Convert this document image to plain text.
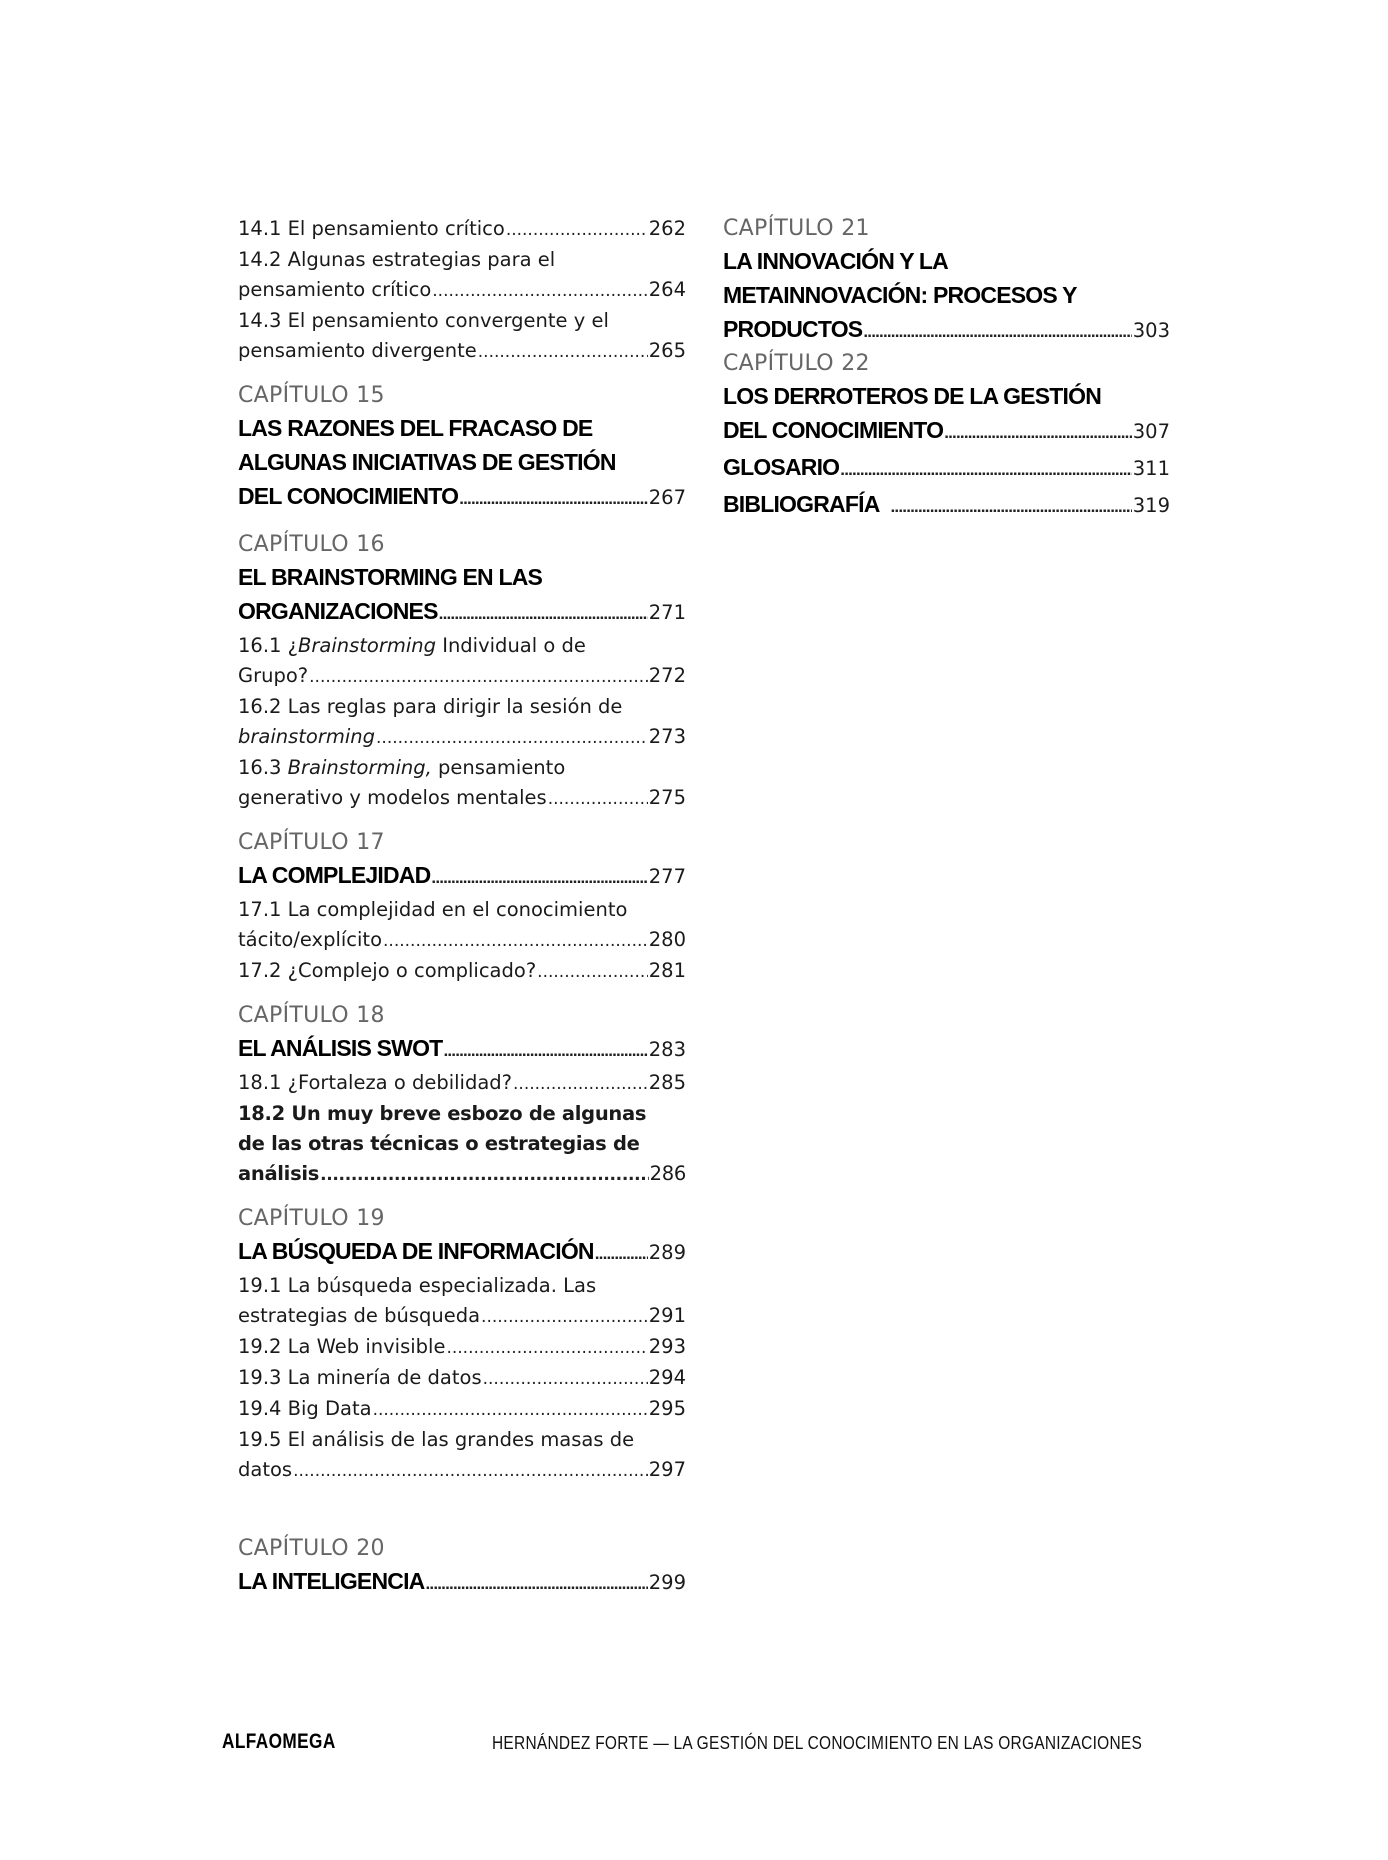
14.1 El pensamiento crítico .....	262
14.2 Algunas estrategias para el
pensamiento crítico .....	264
14.3 El pensamiento convergente y el
pensamiento divergente .....	265
CAPÍTULO 15
LAS RAZONES DEL FRACASO DE
ALGUNAS INICIATIVAS DE GESTIÓN
DEL CONOCIMIENTO .....	267
CAPÍTULO 16
EL BRAINSTORMING EN LAS
ORGANIZACIONES .....	271
16.1 ¿Brainstorming Individual o de
Grupo? .....	272
16.2 Las reglas para dirigir la sesión de
brainstorming .....	273
16.3 Brainstorming, pensamiento
generativo y modelos mentales .....	275
CAPÍTULO 17
LA COMPLEJIDAD .....	277
17.1 La complejidad en el conocimiento
tácito/explícito .....	280
17.2 ¿Complejo o complicado? .....	281
CAPÍTULO 18
EL ANÁLISIS SWOT .....	283
18.1 ¿Fortaleza o debilidad? .....	285
18.2 Un muy breve esbozo de algunas
de las otras técnicas o estrategias de
análisis .....	286
CAPÍTULO 19
LA BÚSQUEDA DE INFORMACIÓN .....	289
19.1 La búsqueda especializada. Las
estrategias de búsqueda .....	291
19.2 La Web invisible .....	293
19.3 La minería de datos .....	294
19.4 Big Data .....	295
19.5 El análisis de las grandes masas de
datos .....	297
CAPÍTULO 20
LA INTELIGENCIA .....	299
CAPÍTULO 21
LA INNOVACIÓN Y LA
METAINNOVACIÓN: PROCESOS Y
PRODUCTOS .....	303
CAPÍTULO 22
LOS DERROTEROS DE LA GESTIÓN
DEL CONOCIMIENTO .....	307
GLOSARIO .....	311
BIBLIOGRAFÍA .....	319
ALFAOMEGA	HERNÁNDEZ FORTE — LA GESTIÓN DEL CONOCIMIENTO EN LAS ORGANIZACIONES
